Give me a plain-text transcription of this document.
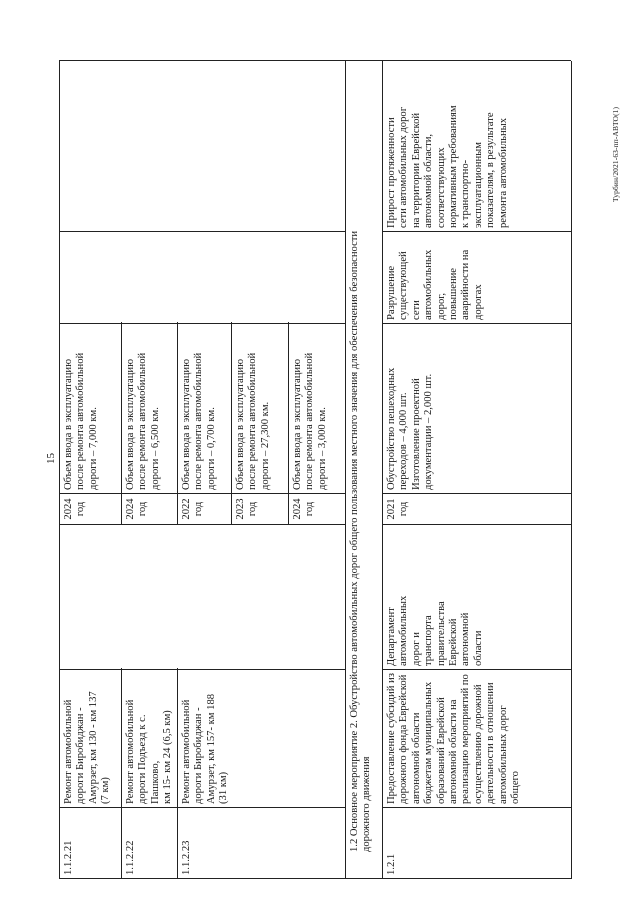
15
Турбин/2021-63-пп-АВТО(1)
1.1.2.21
Ремонт автомобильной
дороги Биробиджан -
Амурзет, км 130 - км 137
(7 км)
2024
год
Объем ввода в эксплуатацию
после ремонта автомобильной
дороги – 7,000 км.
1.1.2.22
Ремонт автомобильной
дороги Подъезд к с. Пашково,
км 15- км 24 (6,5 км)
2024
год
Объем ввода в эксплуатацию
после ремонта автомобильной
дороги – 6,500 км.
1.1.2.23
Ремонт автомобильной
дороги Биробиджан -
Амурзет, км 157- км 188
(31 км)
2022
год
Объем ввода в эксплуатацию
после ремонта автомобильной
дороги – 0,700 км.
2023
год
Объем ввода в эксплуатацию
после ремонта автомобильной
дороги – 27,300 км.
2024
год
Объем ввода в эксплуатацию
после ремонта автомобильной
дороги – 3,000 км.
1.2 Основное мероприятие 2. Обустройство автомобильных дорог общего пользования местного значения для обеспечения безопасности
дорожного движения
1.2.1
Предоставление субсидий из
дорожного фонда Еврейской
автономной области
бюджетам муниципальных
образований Еврейской
автономной области на
реализацию мероприятий по
осуществлению дорожной
деятельности в отношении
автомобильных дорог общего
Департамент
автомобильных
дорог и
транспорта
правительства
Еврейской
автономной
области
2021
год
Обустройство пешеходных
переходов – 4,000 шт.
Изготовление проектной
документации – 2,000 шт.
Разрушение
существующей
сети
автомобильных
дорог,
повышение
аварийности на
дорогах
Прирост протяженности
сети автомобильных дорог
на территории Еврейской
автономной области,
соответствующих
нормативным требованиям
к транспортно-
эксплуатационным
показателям, в результате
ремонта автомобильных
